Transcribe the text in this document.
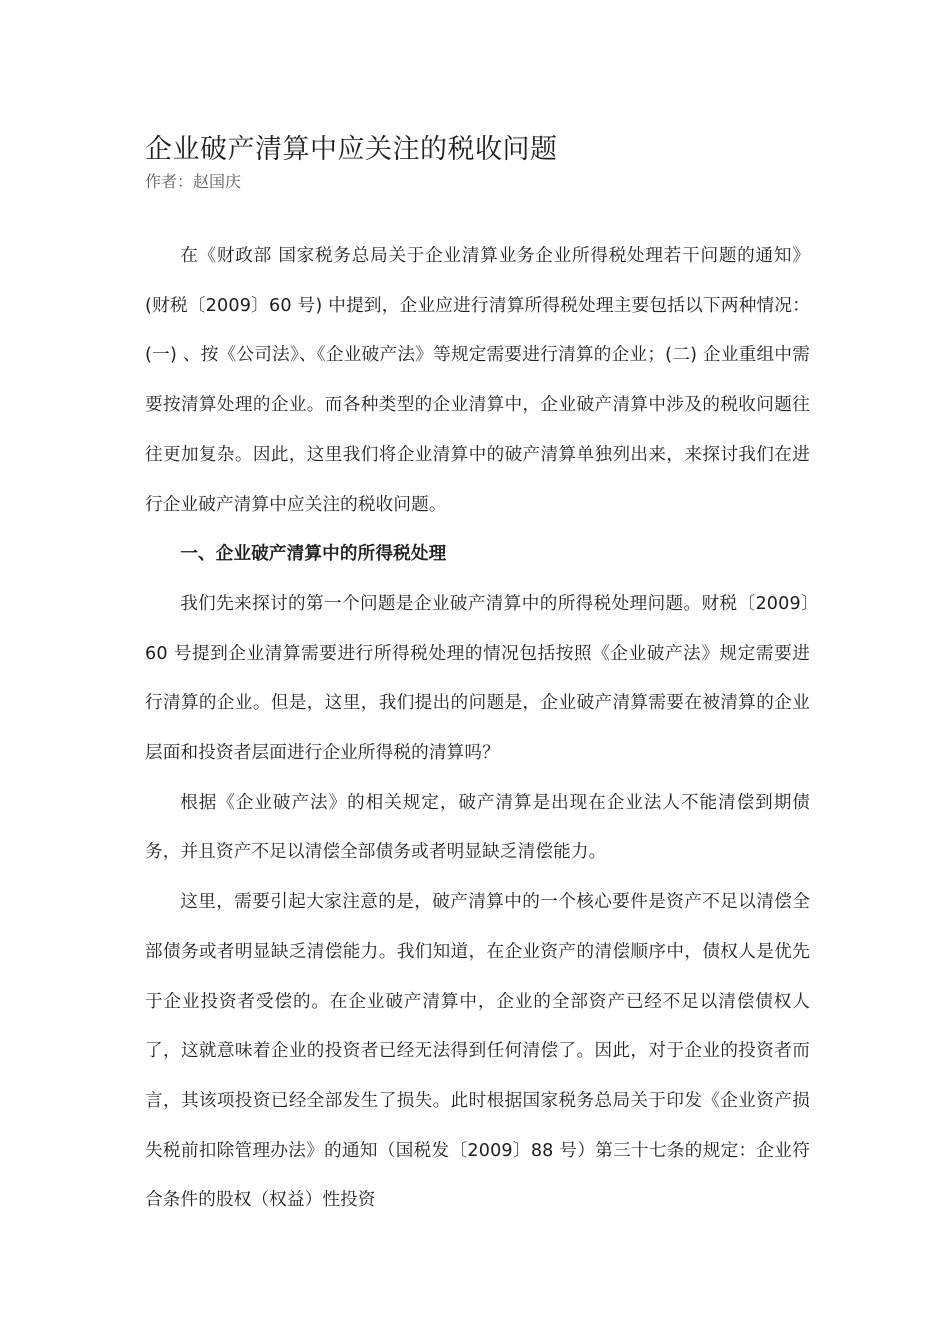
企业破产清算中应关注的税收问题

作者：赵国庆

在《财政部 国家税务总局关于企业清算业务企业所得税处理若干问题的通知》(财税〔2009〕60 号) 中提到，企业应进行清算所得税处理主要包括以下两种情况：(一) 、按《公司法》、《企业破产法》等规定需要进行清算的企业；(二) 企业重组中需要按清算处理的企业。而各种类型的企业清算中，企业破产清算中涉及的税收问题往往更加复杂。因此，这里我们将企业清算中的破产清算单独列出来，来探讨我们在进行企业破产清算中应关注的税收问题。

一、企业破产清算中的所得税处理

我们先来探讨的第一个问题是企业破产清算中的所得税处理问题。财税〔2009〕60 号提到企业清算需要进行所得税处理的情况包括按照《企业破产法》规定需要进行清算的企业。但是，这里，我们提出的问题是，企业破产清算需要在被清算的企业层面和投资者层面进行企业所得税的清算吗？

根据《企业破产法》的相关规定，破产清算是出现在企业法人不能清偿到期债务，并且资产不足以清偿全部债务或者明显缺乏清偿能力。

这里，需要引起大家注意的是，破产清算中的一个核心要件是资产不足以清偿全部债务或者明显缺乏清偿能力。我们知道，在企业资产的清偿顺序中，债权人是优先于企业投资者受偿的。在企业破产清算中，企业的全部资产已经不足以清偿债权人了，这就意味着企业的投资者已经无法得到任何清偿了。因此，对于企业的投资者而言，其该项投资已经全部发生了损失。此时根据国家税务总局关于印发《企业资产损失税前扣除管理办法》的通知（国税发〔2009〕88 号）第三十七条的规定：企业符合条件的股权（权益）性投资
